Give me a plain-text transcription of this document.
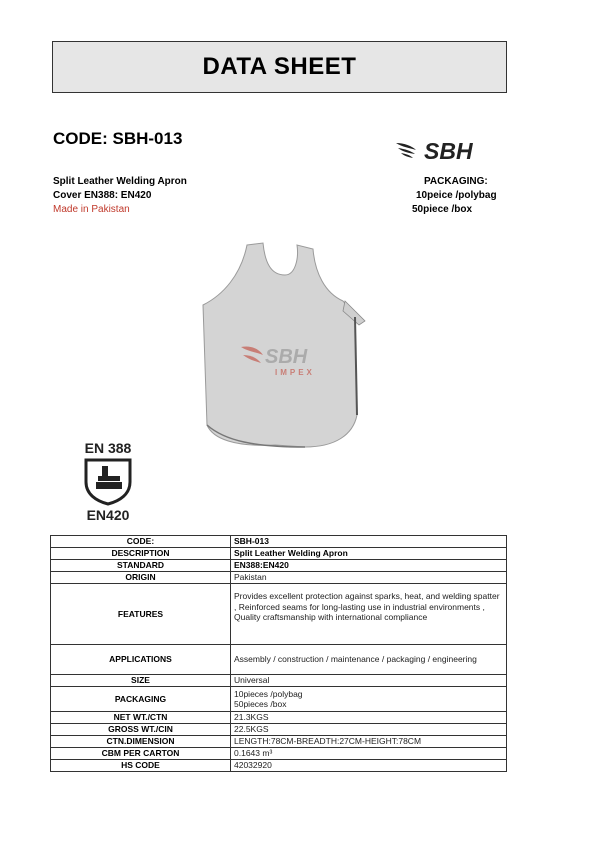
DATA SHEET
CODE: SBH-013	SBH
Split Leather Welding Apron
Cover EN388: EN420
Made in Pakistan
PACKAGING:
10peice /polybag
50piece /box
SBH
IMPEX
EN 388
EN420
CODE:	SBH-013
DESCRIPTION	Split Leather Welding Apron
STANDARD	EN388:EN420
ORIGIN	Pakistan
FEATURES	Provides excellent protection against sparks, heat, and welding spatter , Reinforced seams for long-lasting use in industrial environments , Quality craftsmanship with international compliance
APPLICATIONS	Assembly / construction / maintenance / packaging / engineering
SIZE	Universal
PACKAGING	10pieces /polybag
50pieces /box

NET WT./CTN	21.3KGS
GROSS WT./CIN	22.5KGS
CTN.DIMENSION	LENGTH:78CM-BREADTH:27CM-HEIGHT:78CM
CBM PER CARTON	0.1643 m³
HS CODE	42032920
